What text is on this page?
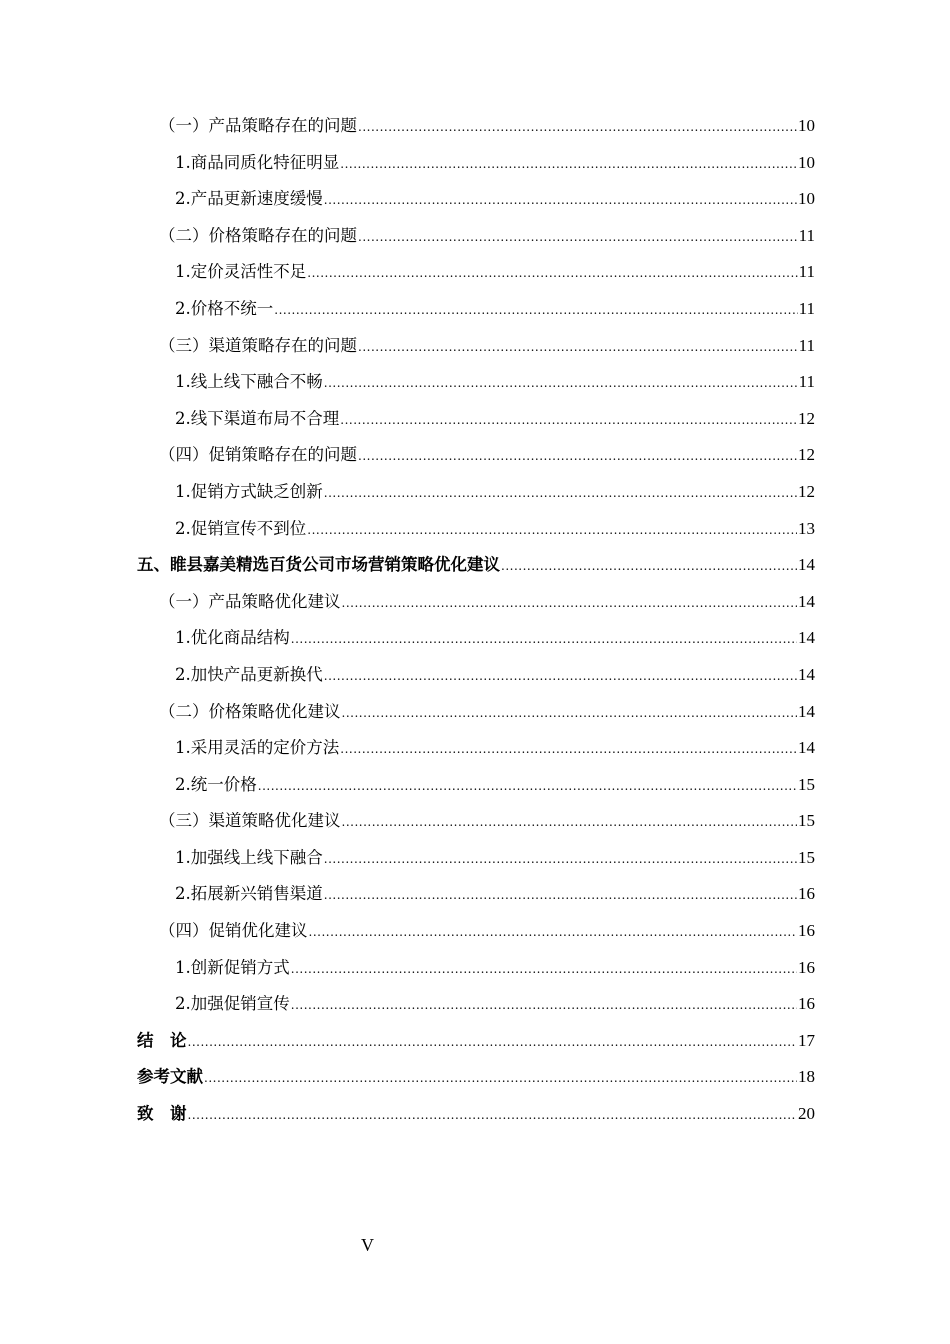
（一）产品策略存在的问题 .....	10
1.商品同质化特征明显 .....	10
2.产品更新速度缓慢 .....	10
（二）价格策略存在的问题 .....	11
1.定价灵活性不足 .....	11
2.价格不统一 .....	11
（三）渠道策略存在的问题 .....	11
1.线上线下融合不畅 .....	11
2.线下渠道布局不合理 .....	12
（四）促销策略存在的问题 .....	12
1.促销方式缺乏创新 .....	12
2.促销宣传不到位 .....	13
五、睢县嘉美精选百货公司市场营销策略优化建议 .....	14
（一）产品策略优化建议 .....	14
1.优化商品结构 .....	14
2.加快产品更新换代 .....	14
（二）价格策略优化建议 .....	14
1.采用灵活的定价方法 .....	14
2.统一价格 .....	15
（三）渠道策略优化建议 .....	15
1.加强线上线下融合 .....	15
2.拓展新兴销售渠道 .....	16
（四）促销优化建议 .....	16
1.创新促销方式 .....	16
2.加强促销宣传 .....	16
结　论 .....	17
参考文献 .....	18
致　谢 .....	20
V
